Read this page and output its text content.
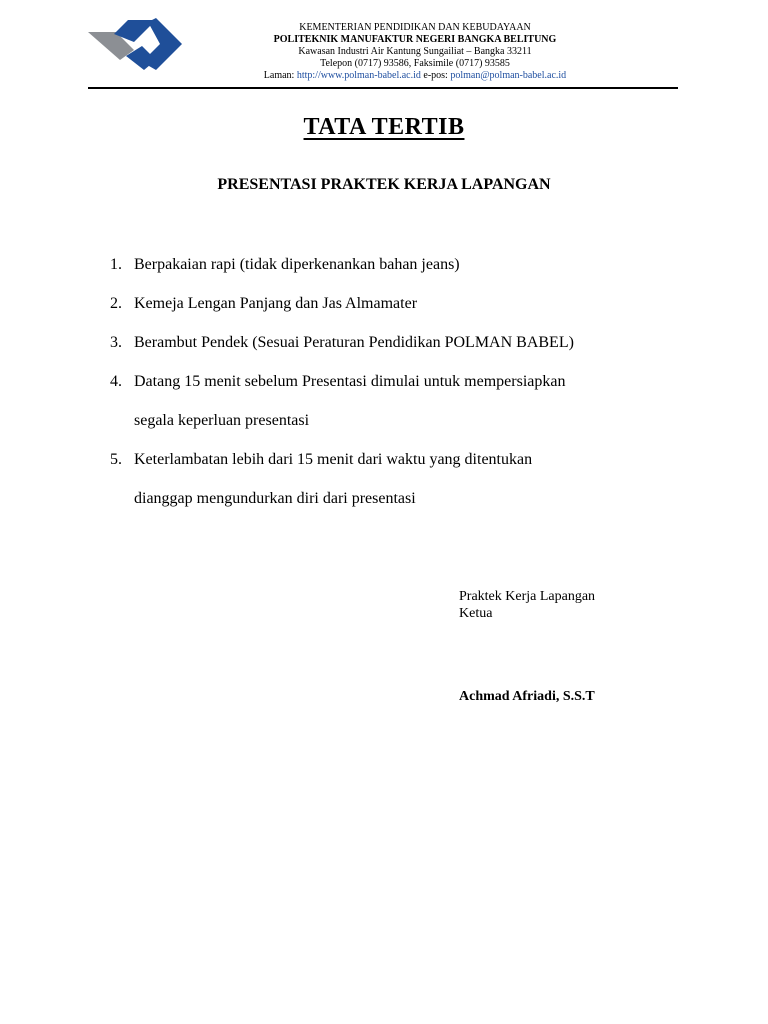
KEMENTERIAN PENDIDIKAN DAN KEBUDAYAAN
POLITEKNIK MANUFAKTUR NEGERI BANGKA BELITUNG
Kawasan Industri Air Kantung Sungailiat – Bangka 33211
Telepon (0717) 93586, Faksimile (0717) 93585
Laman: http://www.polman-babel.ac.id e-pos: polman@polman-babel.ac.id
TATA TERTIB
PRESENTASI PRAKTEK KERJA LAPANGAN
1. Berpakaian rapi (tidak diperkenankan bahan jeans)
2. Kemeja Lengan Panjang dan Jas Almamater
3. Berambut Pendek (Sesuai Peraturan Pendidikan POLMAN BABEL)
4. Datang 15 menit sebelum Presentasi dimulai untuk mempersiapkan
segala keperluan presentasi
5. Keterlambatan lebih dari 15 menit dari waktu yang ditentukan
dianggap mengundurkan diri dari presentasi
Praktek Kerja Lapangan
Ketua
Achmad Afriadi, S.S.T
